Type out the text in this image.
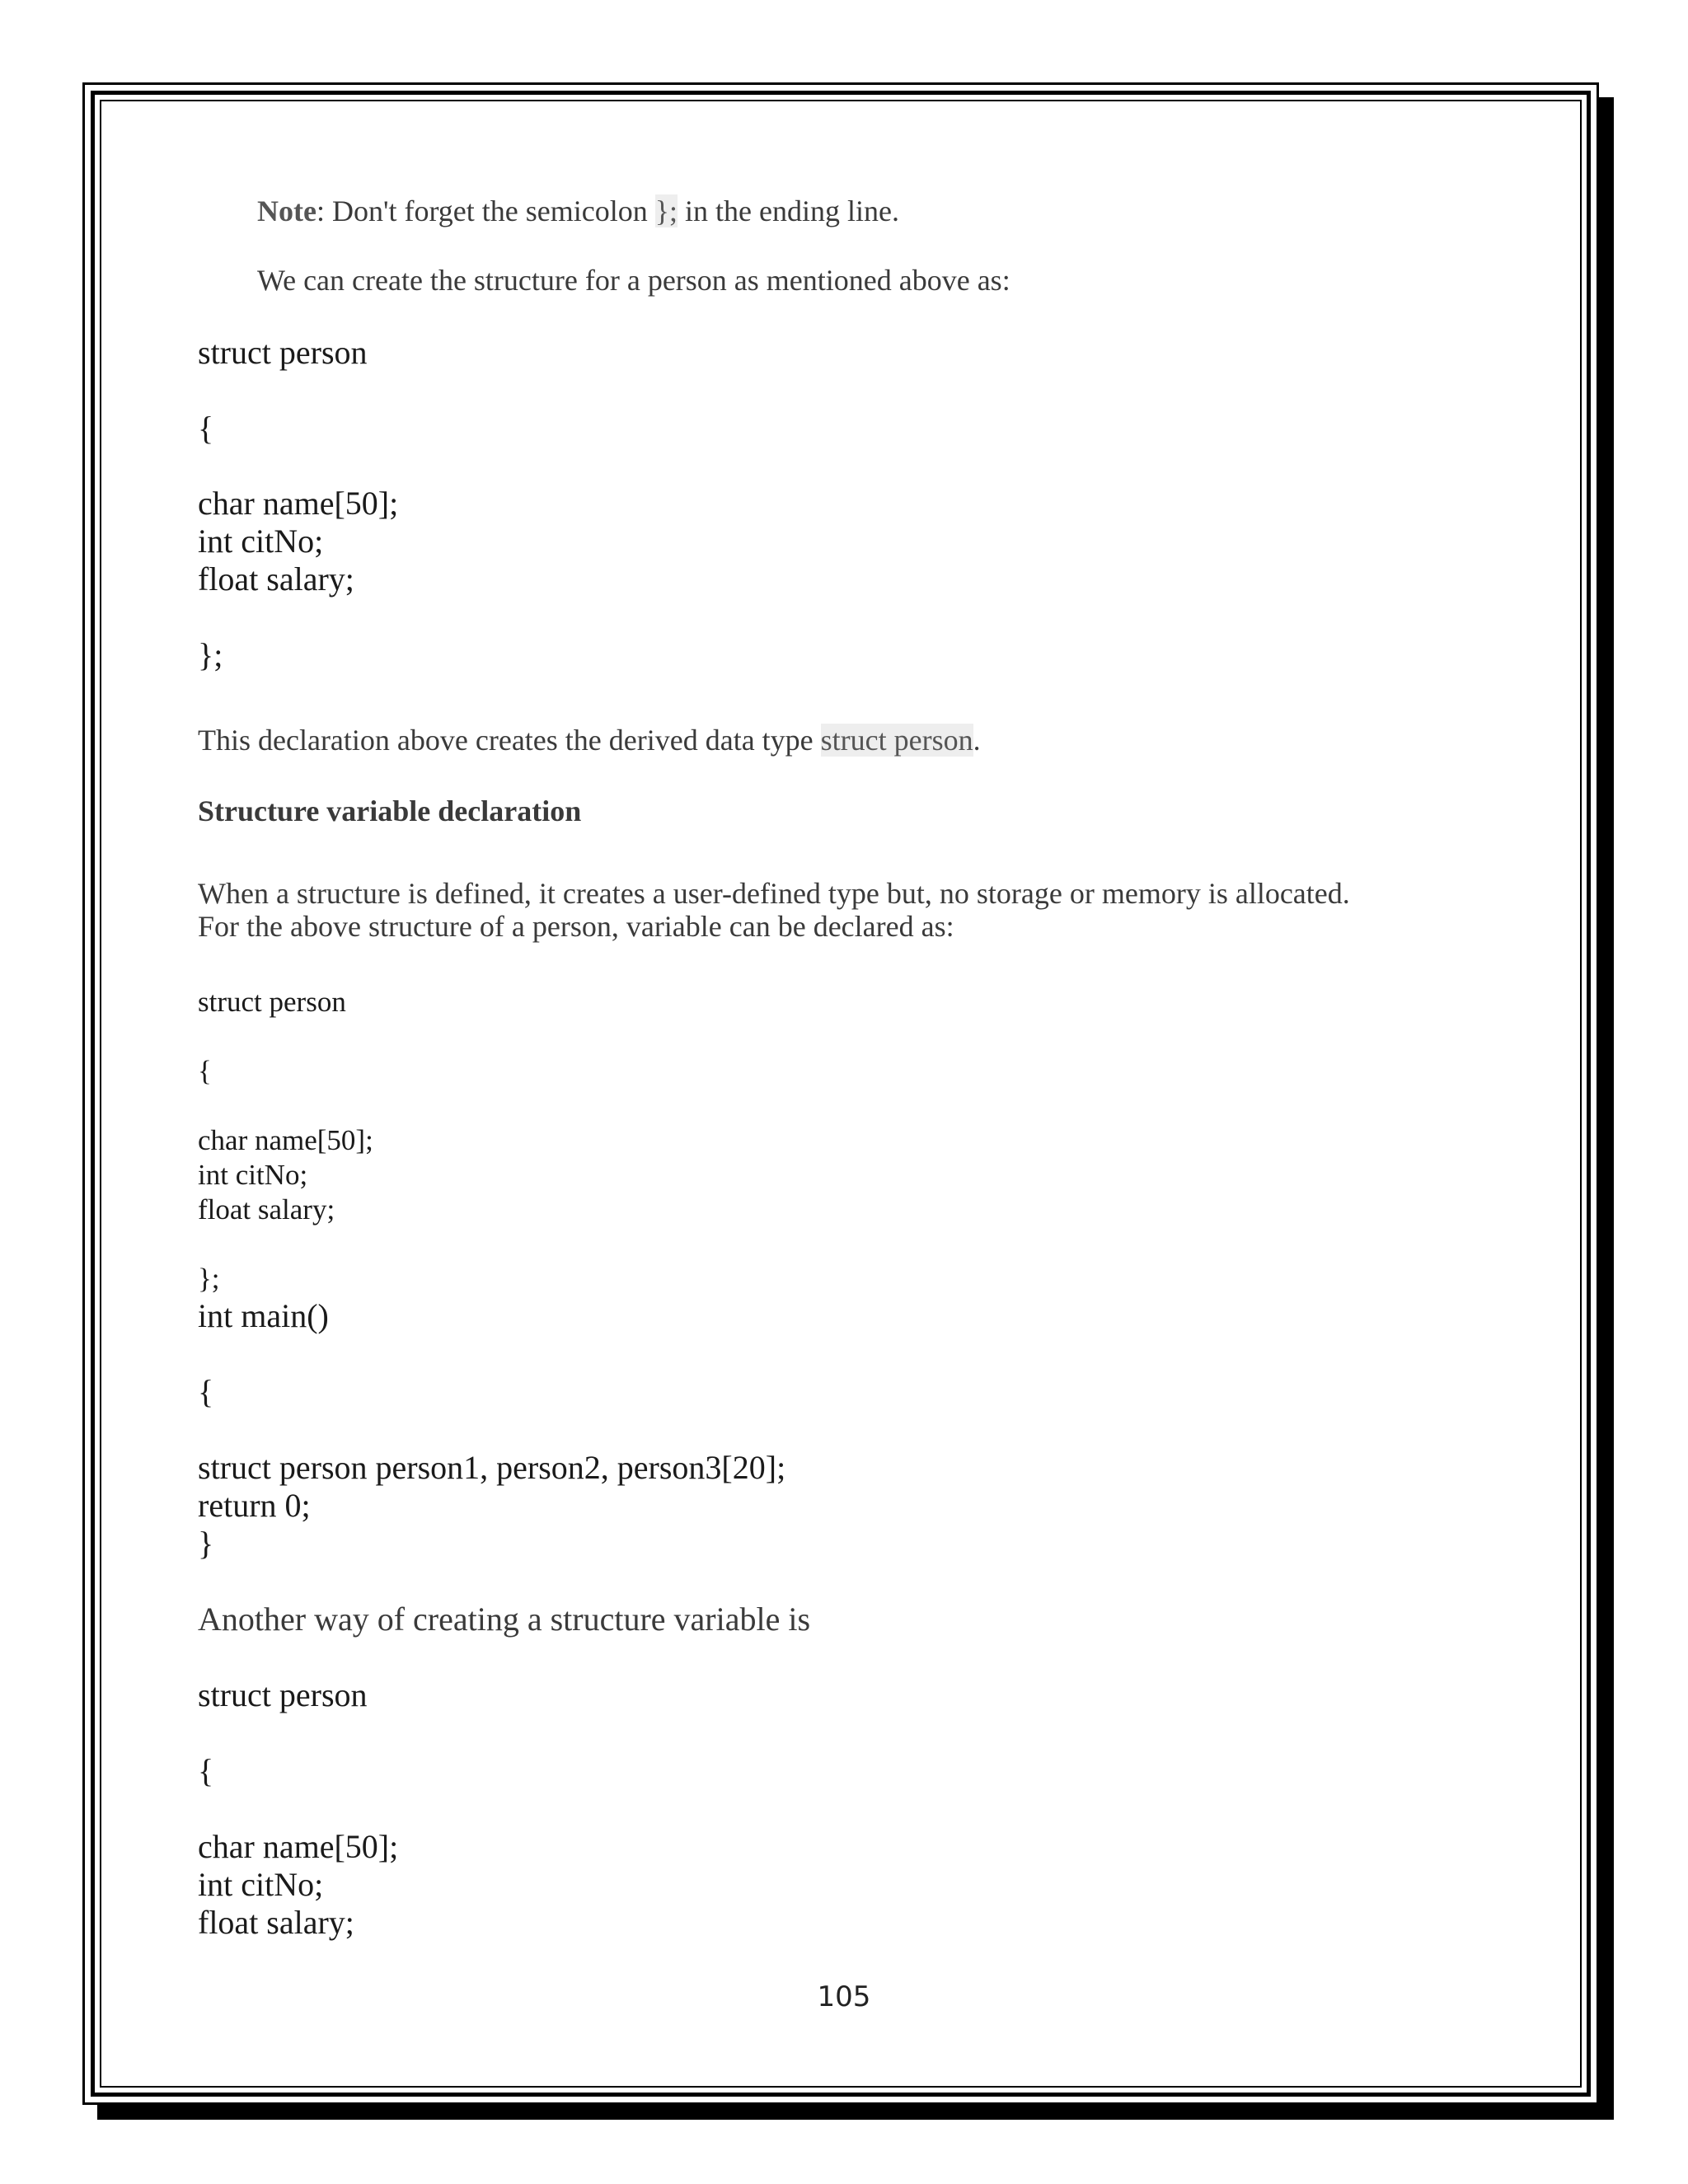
Note: Don't forget the semicolon }; in the ending line.
We can create the structure for a person as mentioned above as:
struct person
{
char name[50];
int citNo;
float salary;
};
This declaration above creates the derived data type struct person.
Structure variable declaration
When a structure is defined, it creates a user-defined type but, no storage or memory is allocated.
For the above structure of a person, variable can be declared as:
struct person
{
char name[50];
int citNo;
float salary;
};
int main()
{
struct person person1, person2, person3[20];
return 0;
}
Another way of creating a structure variable is
struct person
{
char name[50];
int citNo;
float salary;
105
